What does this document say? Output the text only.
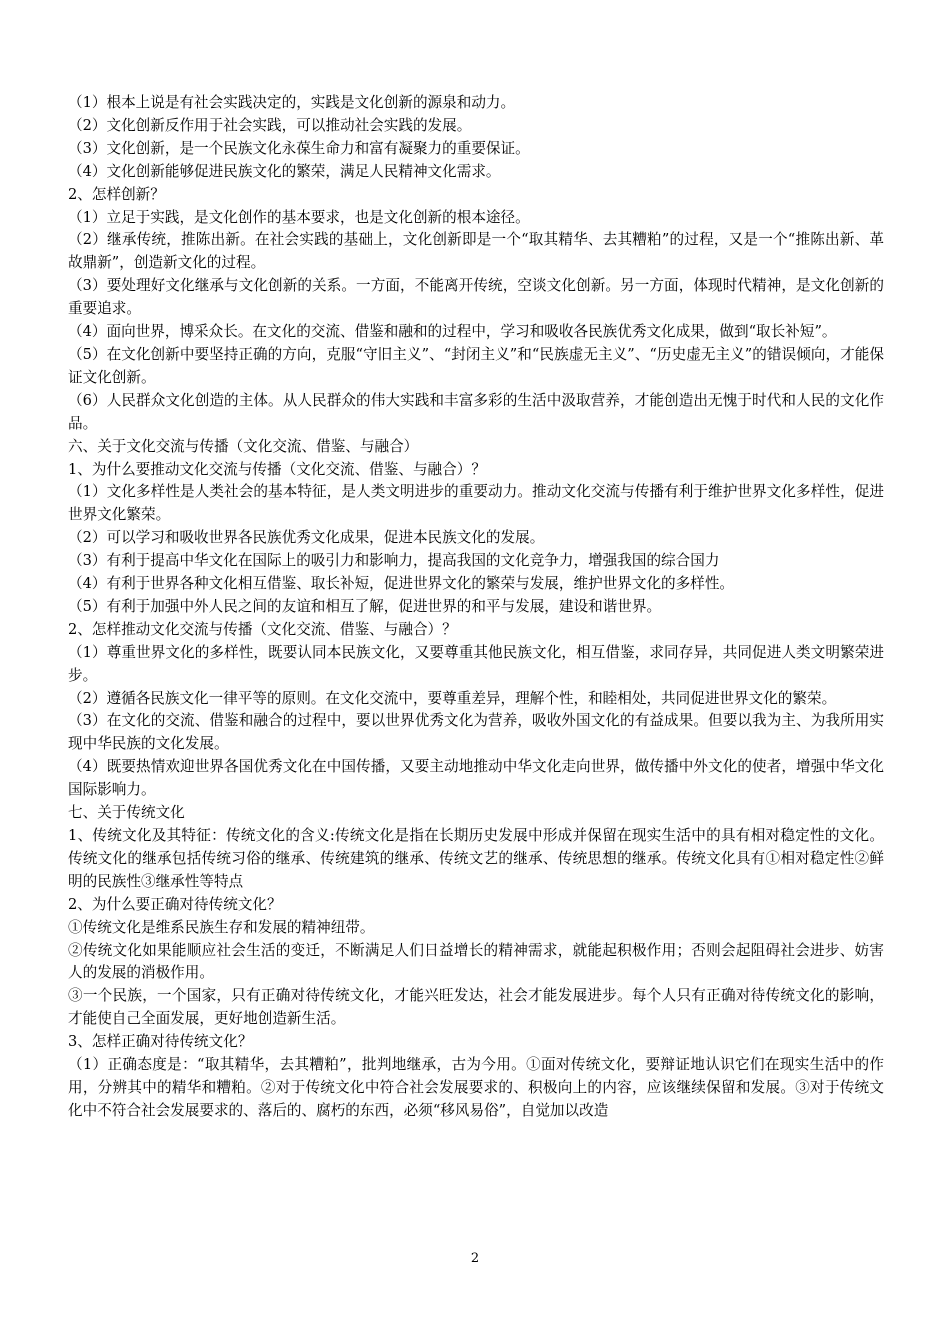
（1）根本上说是有社会实践决定的，实践是文化创新的源泉和动力。

（2）文化创新反作用于社会实践，可以推动社会实践的发展。

（3）文化创新，是一个民族文化永葆生命力和富有凝聚力的重要保证。

（4）文化创新能够促进民族文化的繁荣，满足人民精神文化需求。

2、怎样创新？

（1）立足于实践，是文化创作的基本要求，也是文化创新的根本途径。

（2）继承传统，推陈出新。在社会实践的基础上，文化创新即是一个“取其精华、去其糟粕”的过程，又是一个“推陈出新、革故鼎新”，创造新文化的过程。

（3）要处理好文化继承与文化创新的关系。一方面，不能离开传统，空谈文化创新。另一方面，体现时代精神，是文化创新的重要追求。

（4）面向世界，博采众长。在文化的交流、借鉴和融和的过程中，学习和吸收各民族优秀文化成果，做到“取长补短”。

（5）在文化创新中要坚持正确的方向，克服“守旧主义”、“封闭主义”和“民族虚无主义”、“历史虚无主义”的错误倾向，才能保证文化创新。

（6）人民群众文化创造的主体。从人民群众的伟大实践和丰富多彩的生活中汲取营养，才能创造出无愧于时代和人民的文化作品。

六、关于文化交流与传播（文化交流、借鉴、与融合）

1、为什么要推动文化交流与传播（文化交流、借鉴、与融合）？

（1）文化多样性是人类社会的基本特征，是人类文明进步的重要动力。推动文化交流与传播有利于维护世界文化多样性，促进世界文化繁荣。

（2）可以学习和吸收世界各民族优秀文化成果，促进本民族文化的发展。

（3）有利于提高中华文化在国际上的吸引力和影响力，提高我国的文化竞争力，增强我国的综合国力

（4）有利于世界各种文化相互借鉴、取长补短，促进世界文化的繁荣与发展，维护世界文化的多样性。

（5）有利于加强中外人民之间的友谊和相互了解，促进世界的和平与发展，建设和谐世界。

2、怎样推动文化交流与传播（文化交流、借鉴、与融合）？

（1）尊重世界文化的多样性，既要认同本民族文化，又要尊重其他民族文化，相互借鉴，求同存异，共同促进人类文明繁荣进步。

（2）遵循各民族文化一律平等的原则。在文化交流中，要尊重差异，理解个性，和睦相处，共同促进世界文化的繁荣。

（3）在文化的交流、借鉴和融合的过程中，要以世界优秀文化为营养，吸收外国文化的有益成果。但要以我为主、为我所用实现中华民族的文化发展。

（4）既要热情欢迎世界各国优秀文化在中国传播，又要主动地推动中华文化走向世界，做传播中外文化的使者，增强中华文化国际影响力。

七、关于传统文化

1、传统文化及其特征：传统文化的含义:传统文化是指在长期历史发展中形成并保留在现实生活中的具有相对稳定性的文化。传统文化的继承包括传统习俗的继承、传统建筑的继承、传统文艺的继承、传统思想的继承。传统文化具有①相对稳定性②鲜明的民族性③继承性等特点

2、为什么要正确对待传统文化？

①传统文化是维系民族生存和发展的精神纽带。

②传统文化如果能顺应社会生活的变迁，不断满足人们日益增长的精神需求，就能起积极作用；否则会起阻碍社会进步、妨害人的发展的消极作用。

③一个民族，一个国家，只有正确对待传统文化，才能兴旺发达，社会才能发展进步。每个人只有正确对待传统文化的影响，才能使自己全面发展，更好地创造新生活。

3、怎样正确对待传统文化？

（1）正确态度是：“取其精华，去其糟粕”，批判地继承，古为今用。①面对传统文化，要辩证地认识它们在现实生活中的作用，分辨其中的精华和糟粕。②对于传统文化中符合社会发展要求的、积极向上的内容，应该继续保留和发展。③对于传统文化中不符合社会发展要求的、落后的、腐朽的东西，必须“移风易俗”，自觉加以改造

2
